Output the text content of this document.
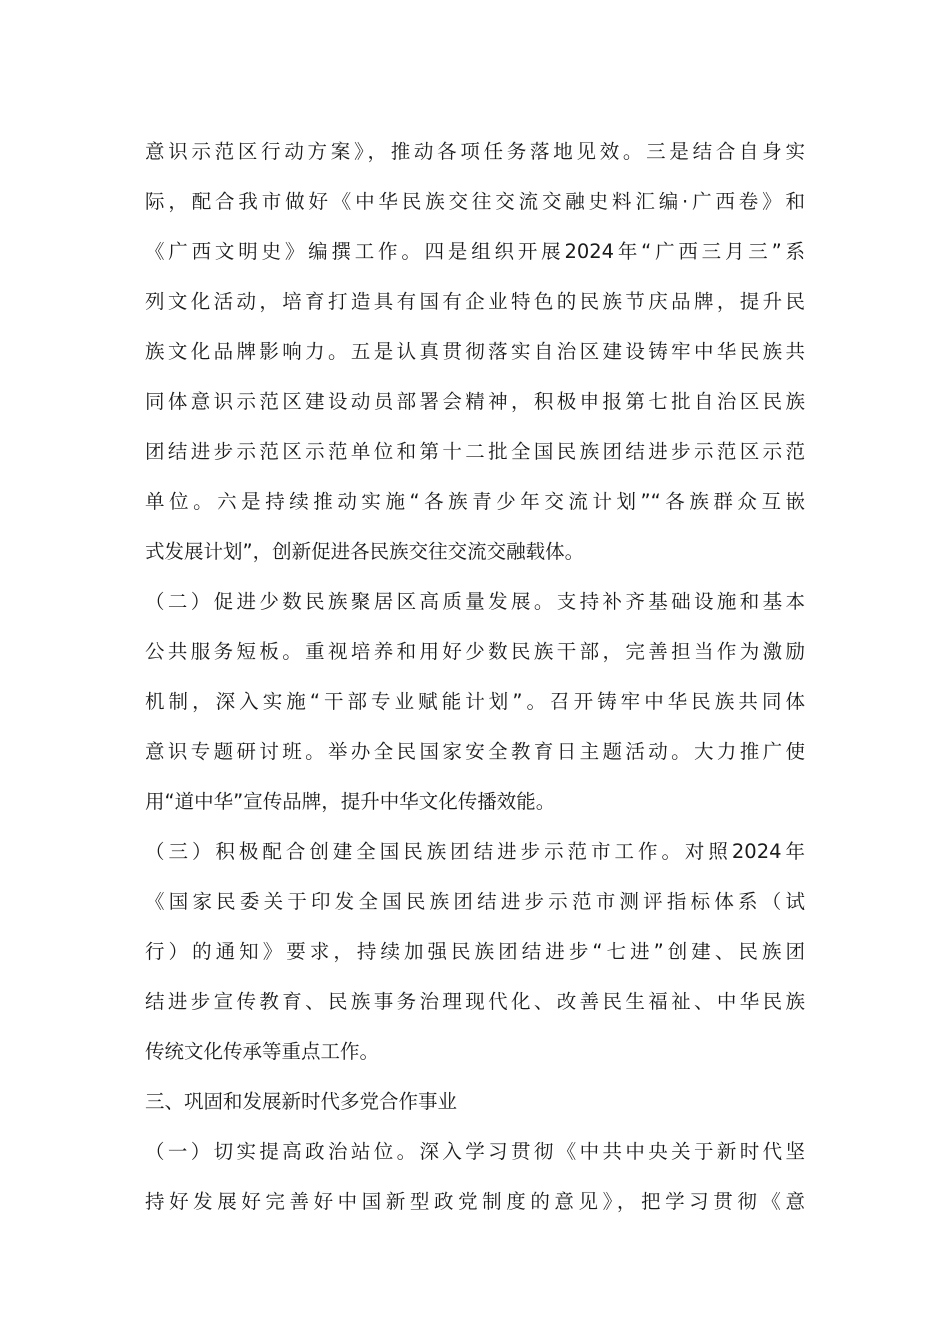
意识示范区行动方案》，推动各项任务落地见效。三是结合自身实
际，配合我市做好《中华民族交往交流交融史料汇编·广西卷》和
《广西文明史》编撰工作。四是组织开展2024年“广西三月三”系
列文化活动，培育打造具有国有企业特色的民族节庆品牌，提升民
族文化品牌影响力。五是认真贯彻落实自治区建设铸牢中华民族共
同体意识示范区建设动员部署会精神，积极申报第七批自治区民族
团结进步示范区示范单位和第十二批全国民族团结进步示范区示范
单位。六是持续推动实施“各族青少年交流计划”“各族群众互嵌
式发展计划”，创新促进各民族交往交流交融载体。
（二）促进少数民族聚居区高质量发展。支持补齐基础设施和基本
公共服务短板。重视培养和用好少数民族干部，完善担当作为激励
机制，深入实施“干部专业赋能计划”。召开铸牢中华民族共同体
意识专题研讨班。举办全民国家安全教育日主题活动。大力推广使
用“道中华”宣传品牌，提升中华文化传播效能。
（三）积极配合创建全国民族团结进步示范市工作。对照2024年
《国家民委关于印发全国民族团结进步示范市测评指标体系（试
行）的通知》要求，持续加强民族团结进步“七进”创建、民族团
结进步宣传教育、民族事务治理现代化、改善民生福祉、中华民族
传统文化传承等重点工作。
三、巩固和发展新时代多党合作事业
（一）切实提高政治站位。深入学习贯彻《中共中央关于新时代坚
持好发展好完善好中国新型政党制度的意见》，把学习贯彻《意
